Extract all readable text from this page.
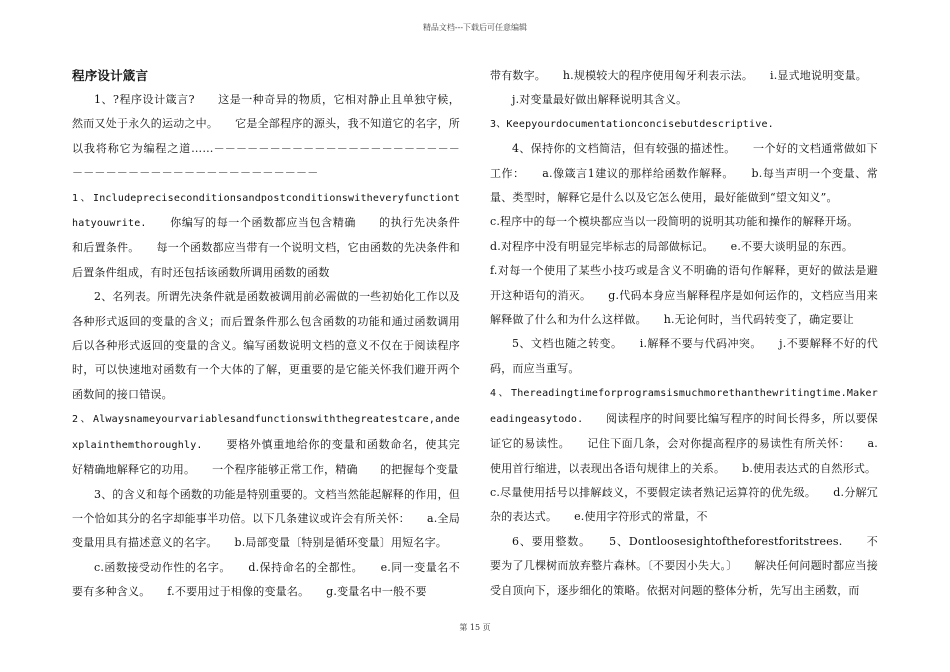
精品文档---下载后可任意编辑

程序设计箴言

1、?程序设计箴言?　　这是一种奇异的物质，它相对静止且单独守候，然而又处于永久的运动之中。　　它是全部程序的源头，我不知道它的名字，所以我将称它为编程之道……－－－－－－－－－－－－－－－－－－－－－－－－－－－－－－－－－－－－－－－－－－－－

1、Includepreciseconditionsandpostconditionswitheveryfunctionthatyouwrite.　　你编写的每一个函数都应当包含精确　　的执行先决条件和后置条件。　　每一个函数都应当带有一个说明文档，它由函数的先决条件和后置条件组成，有时还包括该函数所调用函数的函数

2、名列表。所谓先决条件就是函数被调用前必需做的一些初始化工作以及各种形式返回的变量的含义；而后置条件那么包含函数的功能和通过函数调用后以各种形式返回的变量的含义。编写函数说明文档的意义不仅在于阅读程序时，可以快速地对函数有一个大体的了解，更重要的是它能关怀我们避开两个函数间的接口错误。

2、Alwaysnameyourvariablesandfunctionswiththegreatestcare,andexplainthemthoroughly.　　要格外慎重地给你的变量和函数命名，使其完好精确地解释它的功用。　　一个程序能够正常工作，精确　　的把握每个变量

3、的含义和每个函数的功能是特别重要的。文档当然能起解释的作用，但一个恰如其分的名字却能事半功倍。以下几条建议或许会有所关怀：　　a.全局变量用具有描述意义的名字。　　b.局部变量〔特别是循环变量〕用短名字。

c.函数接受动作性的名字。　　d.保持命名的全都性。　　e.同一变量名不要有多种含义。　　f.不要用过于相像的变量名。　　g.变量名中一般不要

带有数字。　　h.规模较大的程序使用匈牙利表示法。　　i.显式地说明变量。

j.对变量最好做出解释说明其含义。

3、Keepyourdocumentationconcisebutdescriptive.

4、保持你的文档简洁，但有较强的描述性。　　一个好的文档通常做如下工作：　　a.像箴言1建议的那样给函数作解释。　　b.每当声明一个变量、常量、类型时，解释它是什么以及它怎么使用，最好能做到“望文知义”。

c.程序中的每一个模块都应当以一段简明的说明其功能和操作的解释开场。

d.对程序中没有明显完毕标志的局部做标记。　　e.不要大谈明显的东西。

f.对每一个使用了某些小技巧或是含义不明确的语句作解释，更好的做法是避开这种语句的消灭。　　g.代码本身应当解释程序是如何运作的，文档应当用来解释做了什么和为什么这样做。　　h.无论何时，当代码转变了，确定要让

5、文档也随之转变。　　i.解释不要与代码冲突。　　j.不要解释不好的代码，而应当重写。

4、Thereadingtimeforprogramsismuchmorethanthewritingtime.Makereadingeasytodo.　　阅读程序的时间要比编写程序的时间长得多，所以要保证它的易读性。　　记住下面几条，会对你提高程序的易读性有所关怀：　　a.使用首行缩进，以表现出各语句规律上的关系。　　b.使用表达式的自然形式。

c.尽量使用括号以排解歧义，不要假定读者熟记运算符的优先级。　　d.分解冗杂的表达式。　　e.使用字符形式的常量，不

6、要用整数。　　5、Dontloosesightoftheforestforitstrees.　　不要为了几棵树而放弃整片森林。〔不要因小失大。〕　　解决任何问题时都应当接受自顶向下，逐步细化的策略。依据对问题的整体分析，先写出主函数，而

第 15 页
